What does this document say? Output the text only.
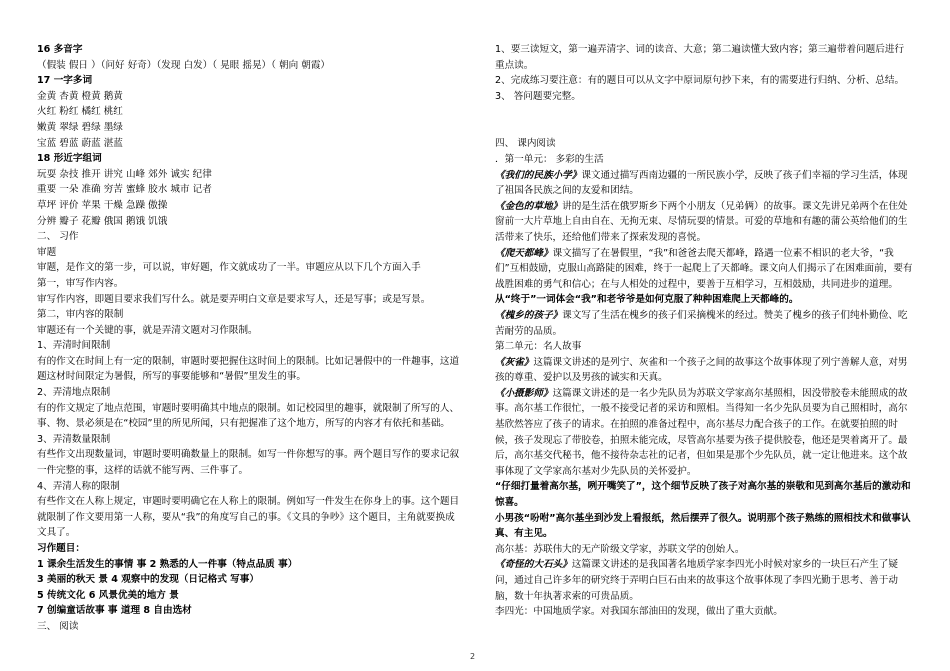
16 多音字

（假装 假日 ）（问好 好奇）（发现 白发）（ 晃眼 摇晃）（ 朝向 朝霞）

17 一字多词

金黄 杏黄 橙黄 鹅黄

火红 粉红 橘红 桃红

嫩黄 翠绿 碧绿 墨绿

宝蓝 碧蓝 蔚蓝 湛蓝

18 形近字组词

玩耍 杂技 推开 讲究 山峰 郊外 诚实 纪律

重要 一朵 准确 穷苦 蜜蜂 胶水 城市 记者

草坪 评价 苹果 干燥 急躁 傲操

分辨 瓣子 花瓣 俄国 鹅饿 饥饿

二、 习作

审题

审题，是作文的第一步，可以说，审好题，作文就成功了一半。审题应从以下几个方面入手

第一，审写作内容。

审写作内容，即题目要求我们写什么。就是要弄明白文章是要求写人，还是写事；或是写景。

第二，审内容的限制

审题还有一个关键的事，就是弄清文题对习作限制。

1、弄清时间限制

有的作文在时间上有一定的限制，审题时要把握住这时间上的限制。比如记暑假中的一件趣事，这道题这材时间限定为暑假，所写的事要能够和“暑假”里发生的事。

2、弄清地点限制

有的作文规定了地点范围，审题时要明确其中地点的限制。如记校园里的趣事，就限制了所写的人、事、物、景必须是在“校园”里的所见所闻，只有把握准了这个地方，所写的内容才有依托和基础。

3、弄清数量限制

有些作文出现数量词，审题时要明确数量上的限制。如写一件你想写的事。两个题目写作的要求记叙一件完整的事，这样的话就不能写两、三件事了。

4、弄清人称的限制

有些作文在人称上规定，审题时要明确它在人称上的限制。例如写一件发生在你身上的事。这个题目就限制了作文要用第一人称，要从“我”的角度写自己的事。《文具的争吵》这个题目，主角就要换成文具了。

习作题目：

1 课余生活发生的事情 事 2 熟悉的人一件事（特点品质 事）

3 美丽的秋天 景 4 观察中的发现（日记格式 写事）

5 传统文化 6 风景优美的地方 景

7 创编童话故事 事 道理 8 自由选材

三、 阅读

1、要三读短文，第一遍弄清字、词的读音、大意；第二遍读懂大致内容；第三遍带着问题后进行重点读。

2、完成练习要注意：有的题目可以从文字中原词原句抄下来，有的需要进行归纳、分析、总结。

3、 答问题要完整。

四、 课内阅读

．第一单元： 多彩的生活

《我们的民族小学》课文通过描写西南边疆的一所民族小学，反映了孩子们幸福的学习生活，体现了祖国各民族之间的友爱和团结。

《金色的草地》讲的是生活在俄罗斯乡下两个小朋友（兄弟俩）的故事。课文先讲兄弟两个在住处窗前一大片草地上自由自在、无拘无束、尽情玩耍的情景。可爱的草地和有趣的蒲公英给他们的生活带来了快乐，还给他们带来了探索发现的喜悦。

《爬天都峰》课文描写了在暑假里，“我”和爸爸去爬天都峰，路遇一位素不相识的老大爷，“我们”互相鼓励，克服山高路陡的困难，终于一起爬上了天都峰。课文向人们揭示了在困难面前，要有战胜困难的勇气和信心；在与人相处的过程中，要善于互相学习，互相鼓励，共同进步的道理。从“终于”一词体会“我”和老爷爷是如何克服了种种困难爬上天都峰的。

《槐乡的孩子》课文写了生活在槐乡的孩子们采摘槐米的经过。赞美了槐乡的孩子们纯朴勤俭、吃苦耐劳的品质。

第二单元：名人故事

《灰雀》这篇课文讲述的是列宁、灰雀和一个孩子之间的故事这个故事体现了列宁善解人意，对男孩的尊重、爱护以及男孩的诚实和天真。

《小摄影师》这篇课文讲述的是一名少先队员为苏联文学家高尔基照相，因没带胶卷未能照成的故事。高尔基工作很忙，一般不接受记者的采访和照相。当得知一名少先队员要为自己照相时，高尔基欣然答应了孩子的请求。在拍照的准备过程中，高尔基尽力配合孩子的工作。在就要拍照的时候，孩子发现忘了带胶卷，拍照未能完成，尽管高尔基要为孩子提供胶卷，他还是哭着离开了。最后，高尔基交代秘书，他不接待杂志社的记者，但如果是那个少先队员，就一定让他进来。这个故事体现了文学家高尔基对少先队员的关怀爱护。

“仔细打量着高尔基，咧开嘴笑了”，这个细节反映了孩子对高尔基的崇敬和见到高尔基后的激动和惊喜。

小男孩“吩咐”高尔基坐到沙发上看报纸，然后摆弄了很久。说明那个孩子熟练的照相技术和做事认真、有主见。

高尔基：苏联伟大的无产阶级文学家，苏联文学的创始人。

《奇怪的大石头》这篇课文讲述的是我国著名地质学家李四光小时候对家乡的一块巨石产生了疑问，通过自己许多年的研究终于弄明白巨石由来的故事这个故事体现了李四光勤于思考、善于动脑，数十年执著求索的可贵品质。

李四光：中国地质学家。对我国东部油田的发现，做出了重大贡献。

2
